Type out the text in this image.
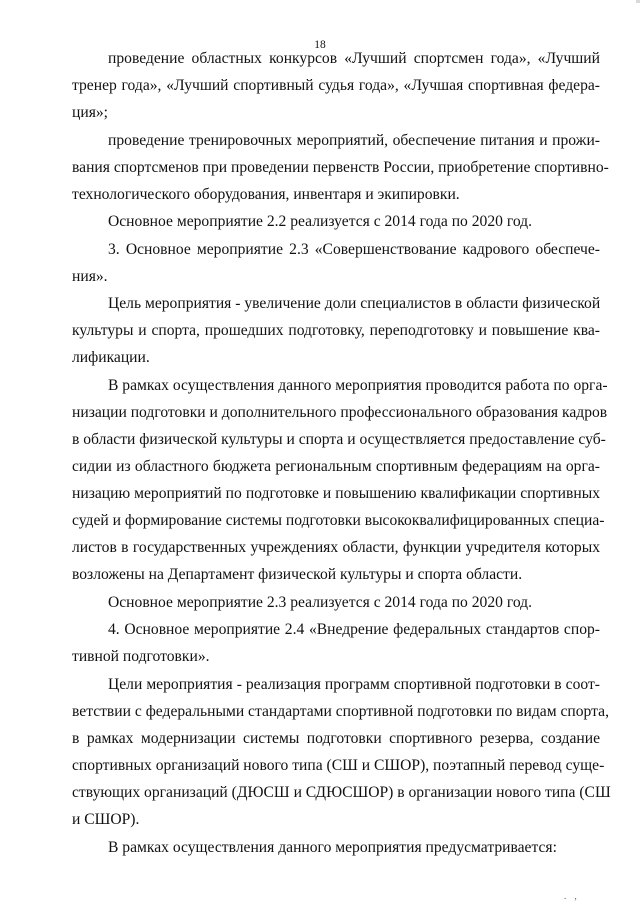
18
проведение областных конкурсов «Лучший спортсмен года», «Лучший
тренер года», «Лучший спортивный судья года», «Лучшая спортивная федера-
ция»;
проведение тренировочных мероприятий, обеспечение питания и прожи-
вания спортсменов при проведении первенств России, приобретение спортивно-
технологического оборудования, инвентаря и экипировки.
Основное мероприятие 2.2 реализуется с 2014 года по 2020 год.
3. Основное мероприятие 2.3 «Совершенствование кадрового обеспече-
ния».
Цель мероприятия - увеличение доли специалистов в области физической
культуры и спорта, прошедших подготовку, переподготовку и повышение ква-
лификации.
В рамках осуществления данного мероприятия проводится работа по орга-
низации подготовки и дополнительного профессионального образования кадров
в области физической культуры и спорта и осуществляется предоставление суб-
сидии из областного бюджета региональным спортивным федерациям на орга-
низацию мероприятий по подготовке и повышению квалификации спортивных
судей и формирование системы подготовки высококвалифицированных специа-
листов в государственных учреждениях области, функции учредителя которых
возложены на Департамент физической культуры и спорта области.
Основное мероприятие 2.3 реализуется с 2014 года по 2020 год.
4. Основное мероприятие 2.4 «Внедрение федеральных стандартов спор-
тивной подготовки».
Цели мероприятия - реализация программ спортивной подготовки в соот-
ветствии с федеральными стандартами спортивной подготовки по видам спорта,
в рамках модернизации системы подготовки спортивного резерва, создание
спортивных организаций нового типа (СШ и СШОР), поэтапный перевод суще-
ствующих организаций (ДЮСШ и СДЮСШОР) в организации нового типа (СШ
и СШОР).
В рамках осуществления данного мероприятия предусматривается:
. ,
